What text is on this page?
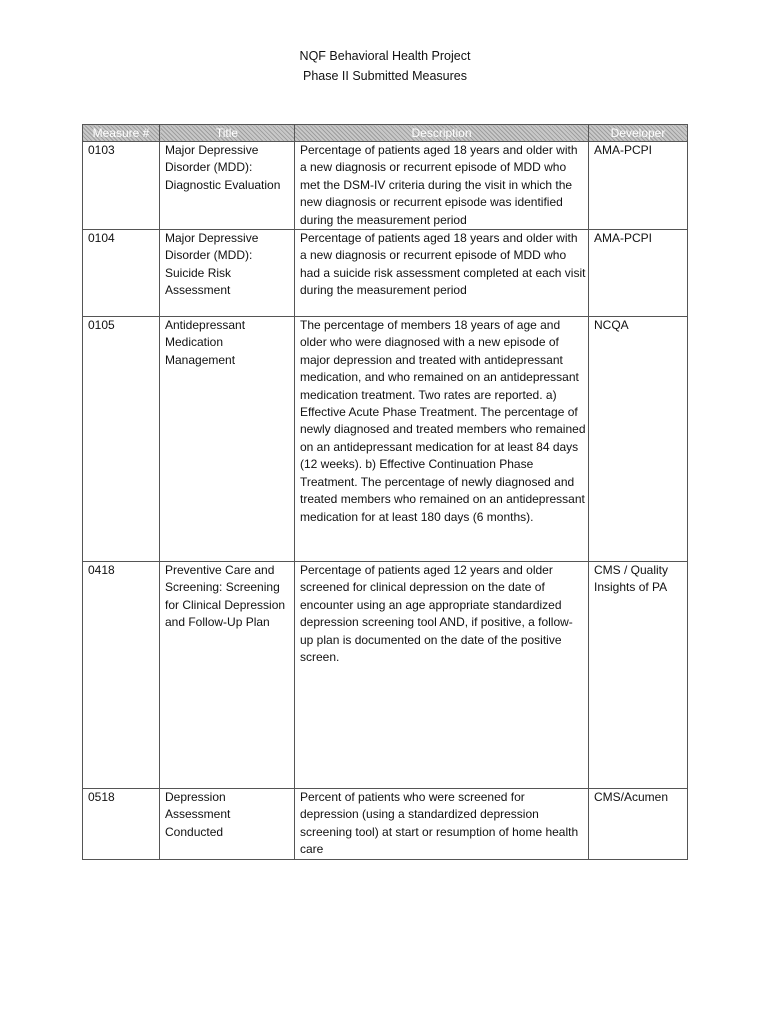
NQF Behavioral Health Project
Phase II Submitted Measures
Measure #	Title	Description	Developer
0103	Major Depressive Disorder (MDD): Diagnostic Evaluation	Percentage of patients aged 18 years and older with a new diagnosis or recurrent episode of MDD who met the DSM-IV criteria during the visit in which the new diagnosis or recurrent episode was identified during the measurement period	AMA-PCPI
0104	Major Depressive Disorder (MDD): Suicide Risk Assessment	Percentage of patients aged 18 years and older with a new diagnosis or recurrent episode of MDD who had a suicide risk assessment completed at each visit during the measurement period	AMA-PCPI
0105	Antidepressant Medication Management	The percentage of members 18 years of age and older who were diagnosed with a new episode of major depression and treated with antidepressant medication, and who remained on an antidepressant medication treatment. Two rates are reported. a) Effective Acute Phase Treatment. The percentage of newly diagnosed and treated members who remained on an antidepressant medication for at least 84 days (12 weeks). b) Effective Continuation Phase Treatment. The percentage of newly diagnosed and treated members who remained on an antidepressant medication for at least 180 days (6 months).	NCQA
0418	Preventive Care and Screening: Screening for Clinical Depression and Follow-Up Plan	Percentage of patients aged 12 years and older screened for clinical depression on the date of encounter using an age appropriate standardized depression screening tool AND, if positive, a follow-up plan is documented on the date of the positive screen.	CMS / Quality Insights of PA
0518	Depression Assessment Conducted	Percent of patients who were screened for depression (using a standardized depression screening tool) at start or resumption of home health care	CMS/Acumen
